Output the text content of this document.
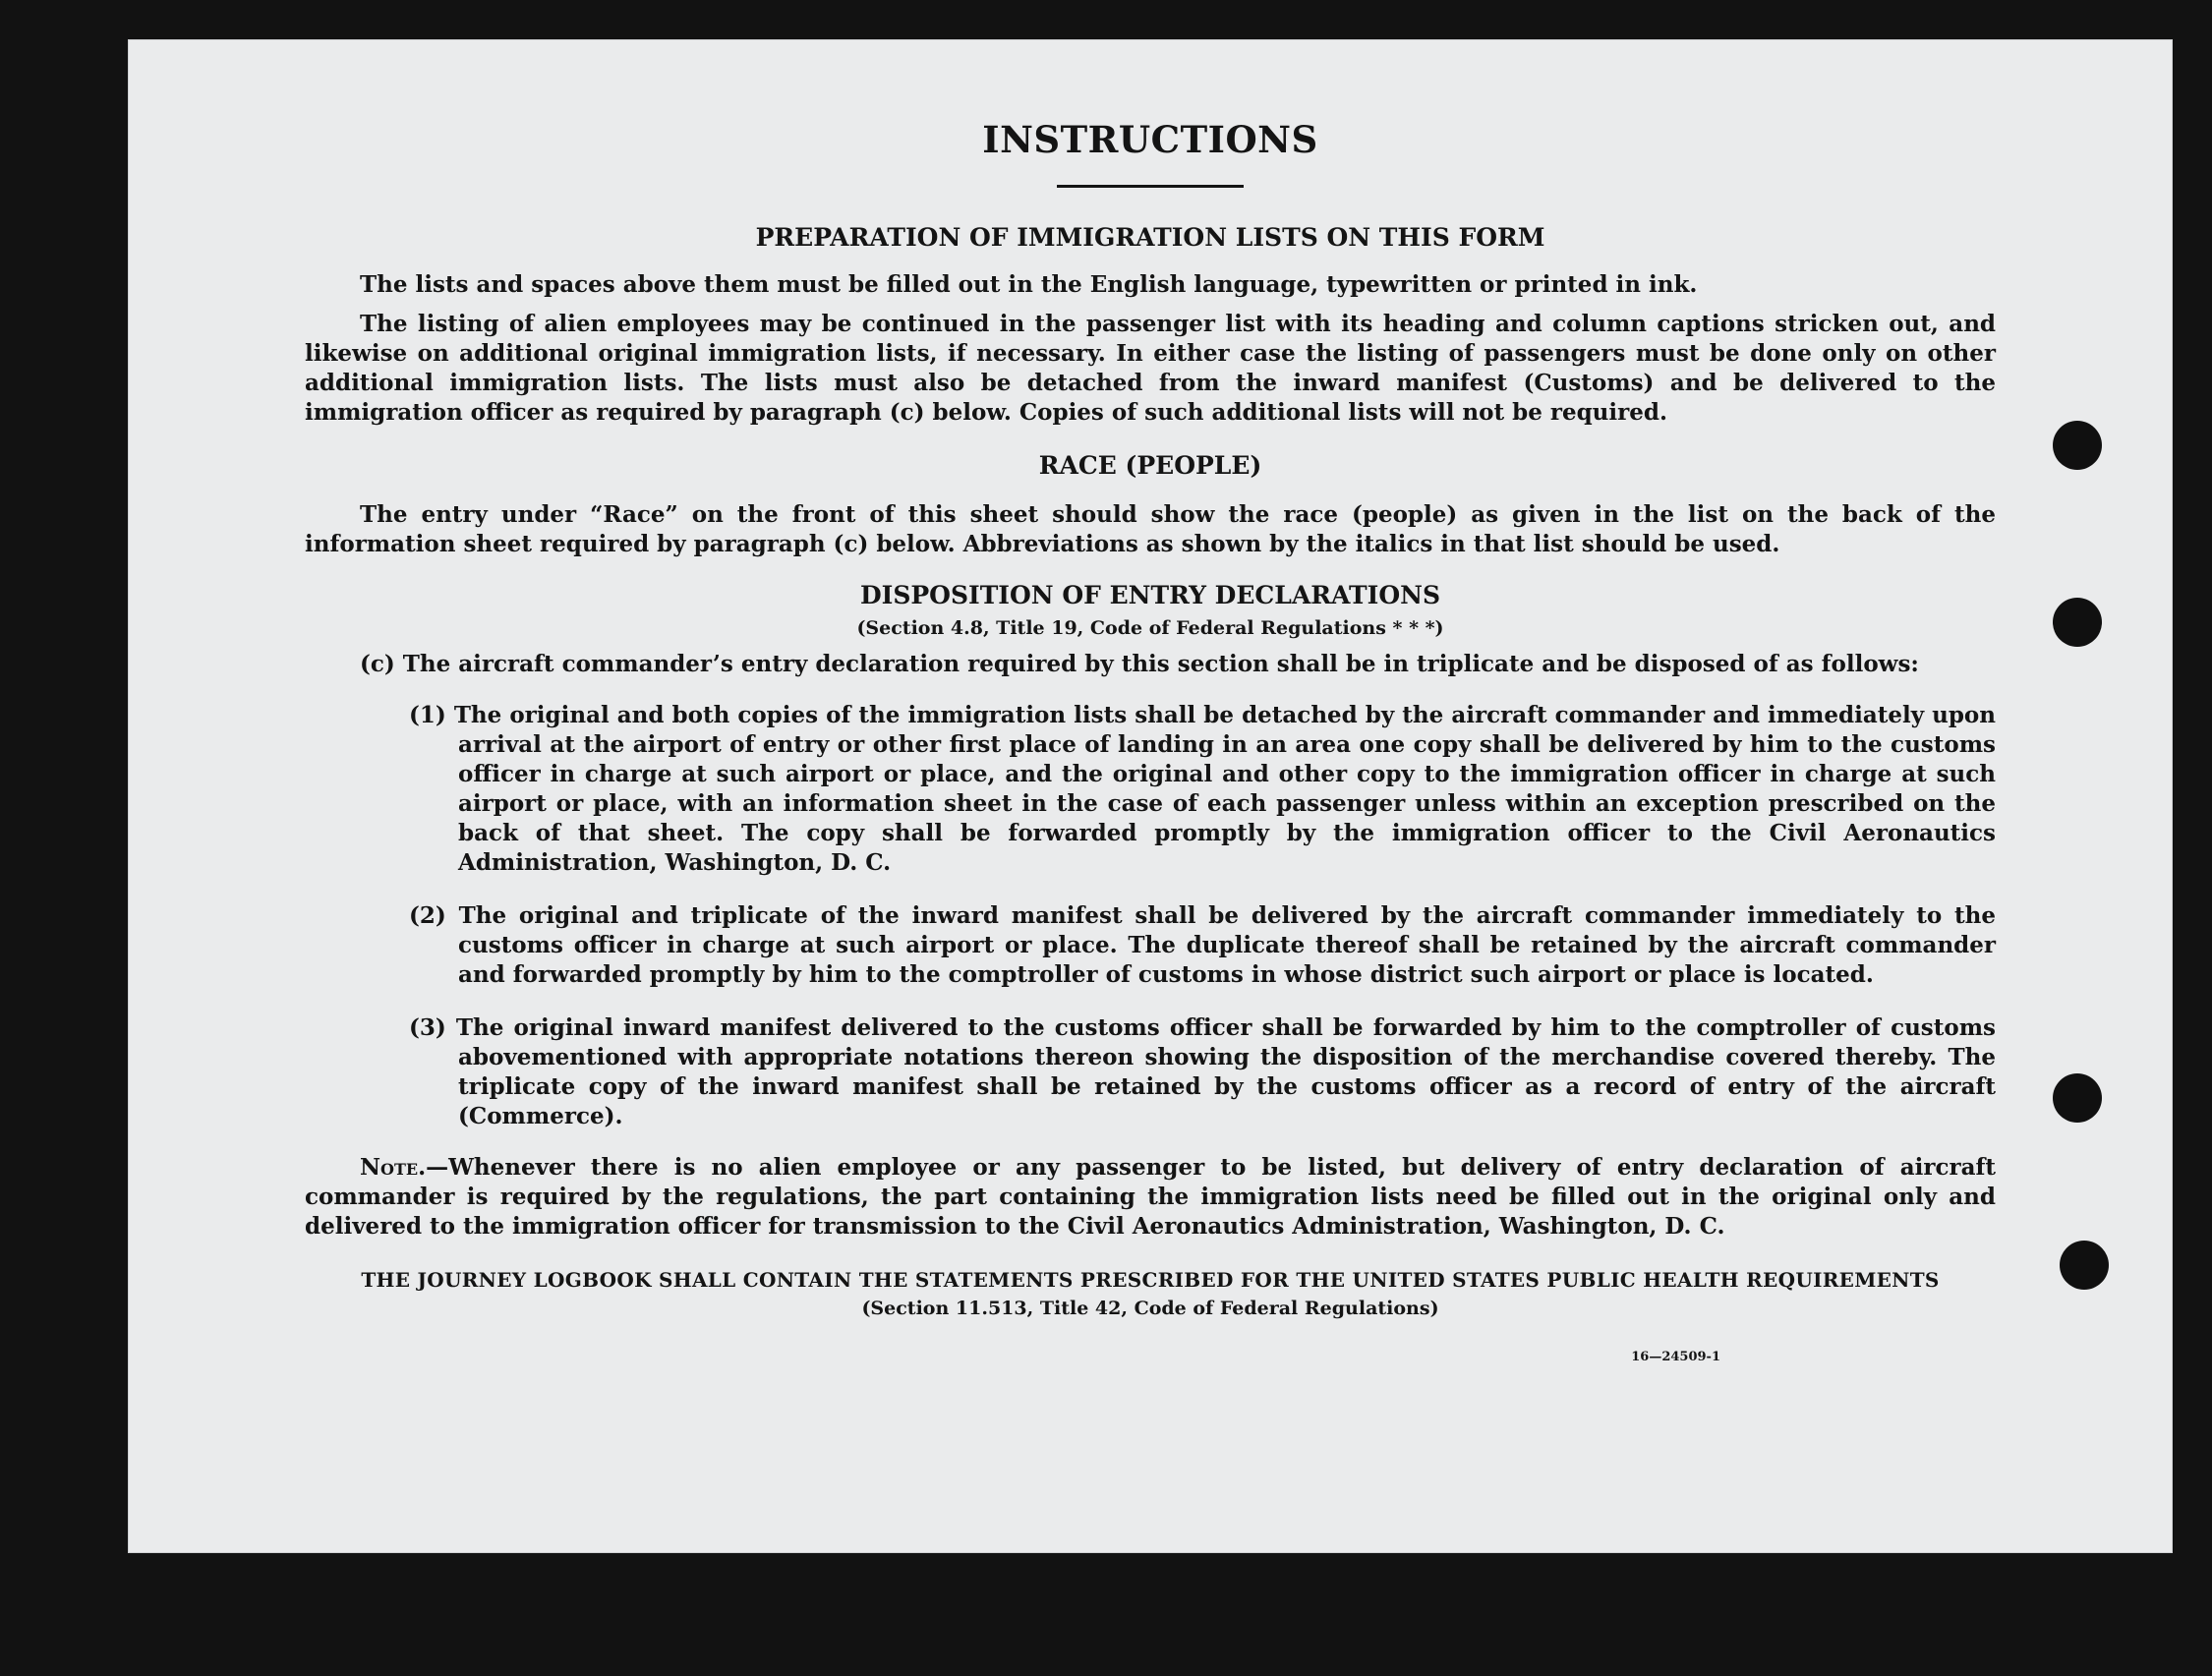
INSTRUCTIONS
PREPARATION OF IMMIGRATION LISTS ON THIS FORM

The lists and spaces above them must be filled out in the English language, typewritten or printed in ink.

The listing of alien employees may be continued in the passenger list with its heading and column captions stricken out, and likewise on additional original immigration lists, if necessary. In either case the listing of passengers must be done only on other additional immigration lists. The lists must also be detached from the inward manifest (Customs) and be delivered to the immigration officer as required by paragraph (c) below. Copies of such additional lists will not be required.

RACE (PEOPLE)

The entry under “Race” on the front of this sheet should show the race (people) as given in the list on the back of the information sheet required by paragraph (c) below. Abbreviations as shown by the italics in that list should be used.

DISPOSITION OF ENTRY DECLARATIONS
(Section 4.8, Title 19, Code of Federal Regulations * * *)

(c) The aircraft commander’s entry declaration required by this section shall be in triplicate and be disposed of as follows:

(1) The original and both copies of the immigration lists shall be detached by the aircraft commander and immediately upon arrival at the airport of entry or other first place of landing in an area one copy shall be delivered by him to the customs officer in charge at such airport or place, and the original and other copy to the immigration officer in charge at such airport or place, with an information sheet in the case of each passenger unless within an exception prescribed on the back of that sheet. The copy shall be forwarded promptly by the immigration officer to the Civil Aeronautics Administration, Washington, D. C.

(2) The original and triplicate of the inward manifest shall be delivered by the aircraft commander immediately to the customs officer in charge at such airport or place. The duplicate thereof shall be retained by the aircraft commander and forwarded promptly by him to the comptroller of customs in whose district such airport or place is located.

(3) The original inward manifest delivered to the customs officer shall be forwarded by him to the comptroller of customs abovementioned with appropriate notations thereon showing the disposition of the merchandise covered thereby. The triplicate copy of the inward manifest shall be retained by the customs officer as a record of entry of the aircraft (Commerce).

Note.—Whenever there is no alien employee or any passenger to be listed, but delivery of entry declaration of aircraft commander is required by the regulations, the part containing the immigration lists need be filled out in the original only and delivered to the immigration officer for transmission to the Civil Aeronautics Administration, Washington, D. C.

THE JOURNEY LOGBOOK SHALL CONTAIN THE STATEMENTS PRESCRIBED FOR THE UNITED STATES PUBLIC HEALTH REQUIREMENTS

(Section 11.513, Title 42, Code of Federal Regulations)
16—24509-1
